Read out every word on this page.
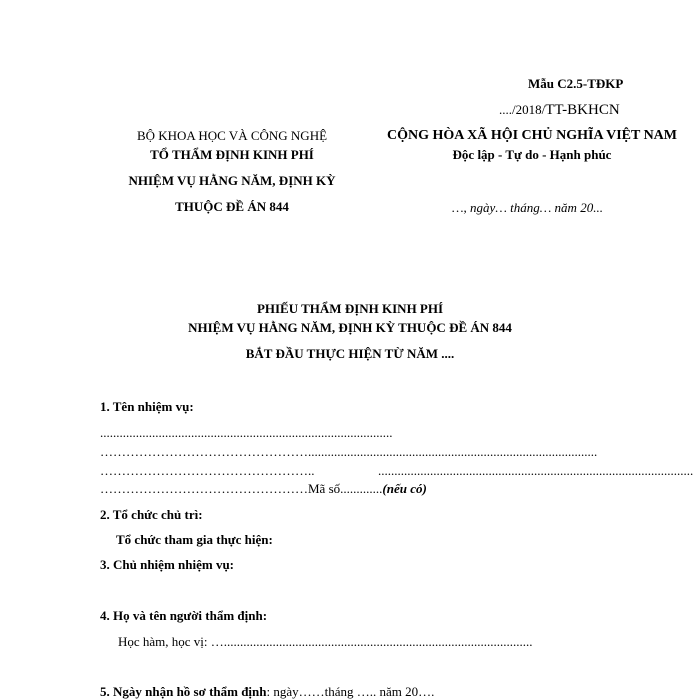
Mẫu C2.5-TĐKP
..../2018/TT-BKHCN
BỘ KHOA HỌC VÀ CÔNG NGHỆ
TỔ THẨM ĐỊNH KINH PHÍ
NHIỆM VỤ HẰNG NĂM, ĐỊNH KỲ
THUỘC ĐỀ ÁN 844
CỘNG HÒA XÃ HỘI CHỦ NGHĨA VIỆT NAM
Độc lập - Tự do - Hạnh phúc
…, ngày… tháng… năm 20...
PHIẾU THẨM ĐỊNH KINH PHÍ
NHIỆM VỤ HẰNG NĂM, ĐỊNH KỲ THUỘC ĐỀ ÁN 844
BẮT ĐẦU THỰC HIỆN TỪ NĂM ....
1. Tên nhiệm vụ:
..........................................................................................
………………………………………….........................................................................................
…………………………………………..	.................................................................................................
…………………………………………Mã số.............(nếu có)
2. Tổ chức chủ trì:
Tổ chức tham gia thực hiện:
3. Chủ nhiệm nhiệm vụ:
4. Họ và tên người thẩm định:
Học hàm, học vị: …...............................................................................................
5. Ngày nhận hồ sơ thẩm định: ngày……tháng ….. năm 20….
